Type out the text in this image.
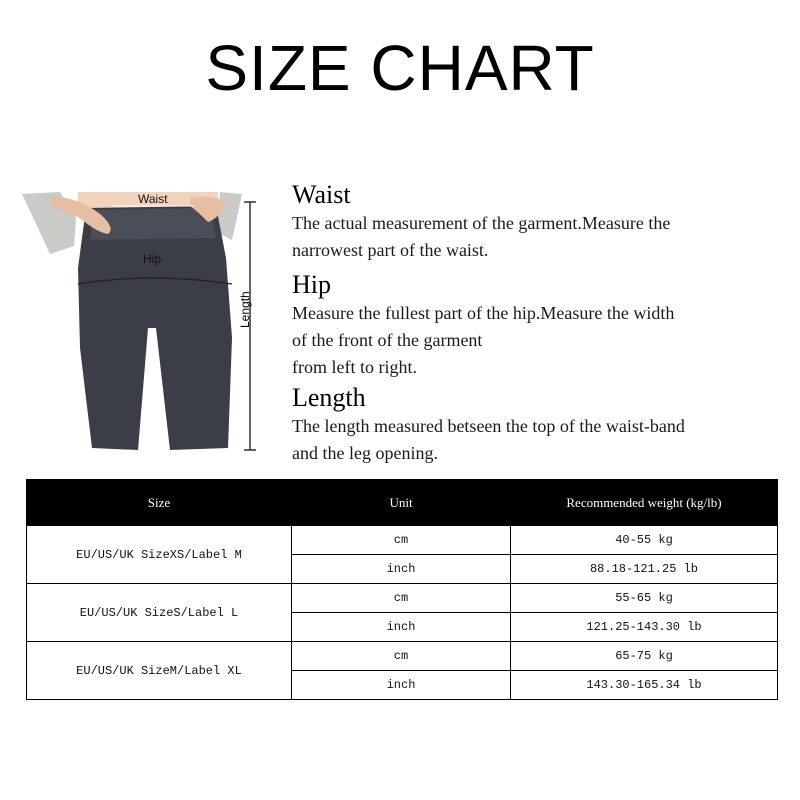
SIZE CHART
Waist
Hip
Length
Waist

The actual measurement of the garment.Measure the

narrowest part of the waist.

Hip

Measure the fullest part of the hip.Measure the width

of the front of the garment

from left to right.

Length

The length measured betseen the top of the waist-band

and the leg opening.

Size	Unit	Recommended weight (kg/lb)
EU/US/UK SizeXS/Label M	cm	40-55 kg
	inch	88.18-121.25 lb
EU/US/UK SizeS/Label L	cm	55-65 kg
	inch	121.25-143.30 lb
EU/US/UK SizeM/Label XL	cm	65-75 kg
	inch	143.30-165.34 lb
